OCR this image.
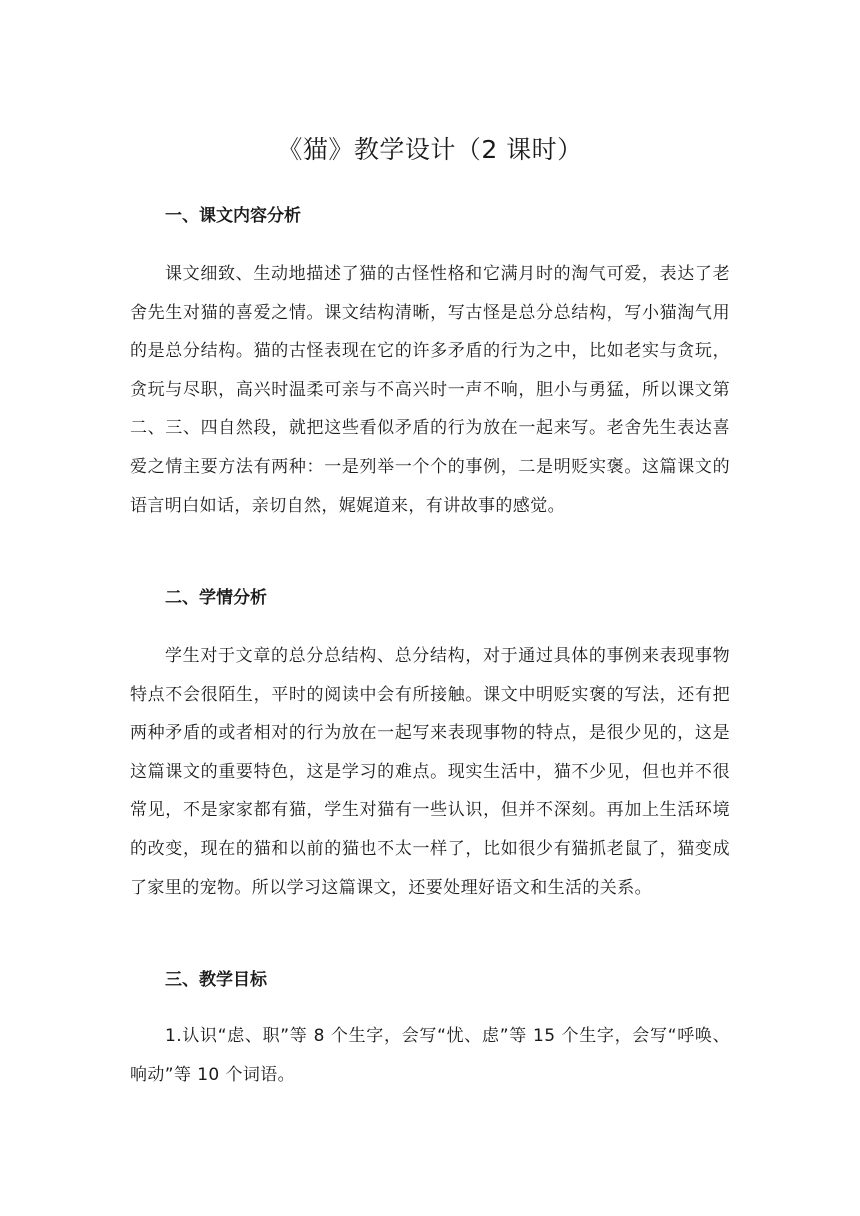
《猫》教学设计（2 课时）
一、课文内容分析

课文细致、生动地描述了猫的古怪性格和它满月时的淘气可爱，表达了老舍先生对猫的喜爱之情。课文结构清晰，写古怪是总分总结构，写小猫淘气用的是总分结构。猫的古怪表现在它的许多矛盾的行为之中，比如老实与贪玩，贪玩与尽职，高兴时温柔可亲与不高兴时一声不响，胆小与勇猛，所以课文第二、三、四自然段，就把这些看似矛盾的行为放在一起来写。老舍先生表达喜爱之情主要方法有两种：一是列举一个个的事例，二是明贬实褒。这篇课文的语言明白如话，亲切自然，娓娓道来，有讲故事的感觉。

二、学情分析

学生对于文章的总分总结构、总分结构，对于通过具体的事例来表现事物特点不会很陌生，平时的阅读中会有所接触。课文中明贬实褒的写法，还有把两种矛盾的或者相对的行为放在一起写来表现事物的特点，是很少见的，这是这篇课文的重要特色，这是学习的难点。现实生活中，猫不少见，但也并不很常见，不是家家都有猫，学生对猫有一些认识，但并不深刻。再加上生活环境的改变，现在的猫和以前的猫也不太一样了，比如很少有猫抓老鼠了，猫变成了家里的宠物。所以学习这篇课文，还要处理好语文和生活的关系。

三、教学目标

1.认识“虑、职”等 8 个生字，会写“忧、虑”等 15 个生字，会写“呼唤、响动”等 10 个词语。
